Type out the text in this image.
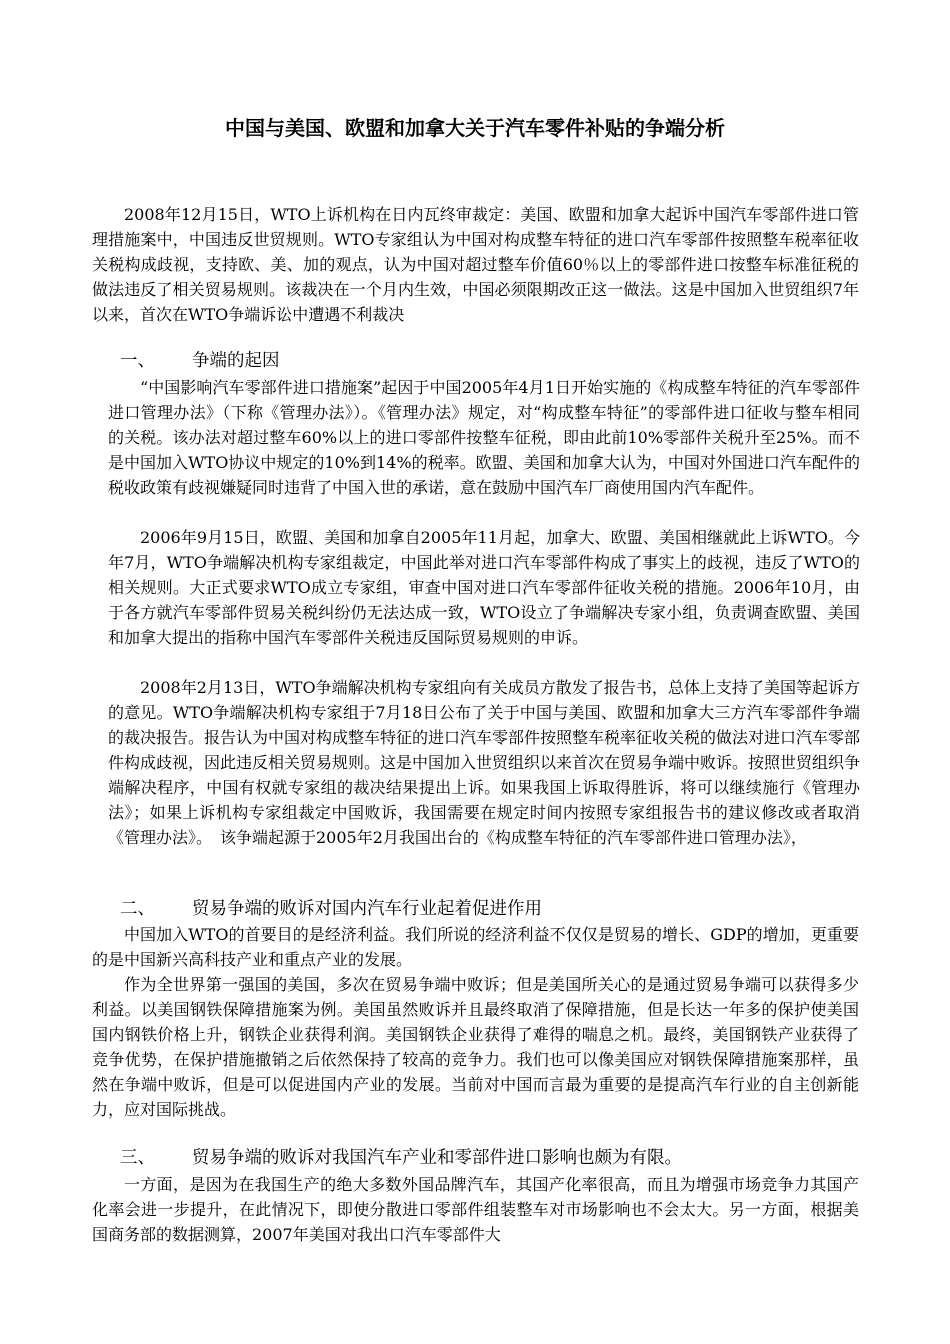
中国与美国、欧盟和加拿大关于汽车零件补贴的争端分析

2008年12月15日，WTO上诉机构在日内瓦终审裁定：美国、欧盟和加拿大起诉中国汽车零部件进口管理措施案中，中国违反世贸规则。WTO专家组认为中国对构成整车特征的进口汽车零部件按照整车税率征收关税构成歧视，支持欧、美、加的观点，认为中国对超过整车价值60％以上的零部件进口按整车标准征税的做法违反了相关贸易规则。该裁决在一个月内生效，中国必须限期改正这一做法。这是中国加入世贸组织7年以来，首次在WTO争端诉讼中遭遇不利裁决

一、 争端的起因

“中国影响汽车零部件进口措施案”起因于中国2005年4月1日开始实施的《构成整车特征的汽车零部件进口管理办法》（下称《管理办法》）。《管理办法》规定，对“构成整车特征”的零部件进口征收与整车相同的关税。该办法对超过整车60%以上的进口零部件按整车征税，即由此前10%零部件关税升至25%。而不是中国加入WTO协议中规定的10%到14%的税率。欧盟、美国和加拿大认为，中国对外国进口汽车配件的税收政策有歧视嫌疑同时违背了中国入世的承诺，意在鼓励中国汽车厂商使用国内汽车配件。

2006年9月15日，欧盟、美国和加拿自2005年11月起，加拿大、欧盟、美国相继就此上诉WTO。今年7月，WTO争端解决机构专家组裁定，中国此举对进口汽车零部件构成了事实上的歧视，违反了WTO的相关规则。大正式要求WTO成立专家组，审查中国对进口汽车零部件征收关税的措施。2006年10月，由于各方就汽车零部件贸易关税纠纷仍无法达成一致，WTO设立了争端解决专家小组，负责调查欧盟、美国和加拿大提出的指称中国汽车零部件关税违反国际贸易规则的申诉。

2008年2月13日，WTO争端解决机构专家组向有关成员方散发了报告书，总体上支持了美国等起诉方的意见。WTO争端解决机构专家组于7月18日公布了关于中国与美国、欧盟和加拿大三方汽车零部件争端的裁决报告。报告认为中国对构成整车特征的进口汽车零部件按照整车税率征收关税的做法对进口汽车零部件构成歧视，因此违反相关贸易规则。这是中国加入世贸组织以来首次在贸易争端中败诉。按照世贸组织争端解决程序，中国有权就专家组的裁决结果提出上诉。如果我国上诉取得胜诉，将可以继续施行《管理办法》；如果上诉机构专家组裁定中国败诉，我国需要在规定时间内按照专家组报告书的建议修改或者取消《管理办法》。　该争端起源于2005年2月我国出台的《构成整车特征的汽车零部件进口管理办法》，

二、 贸易争端的败诉对国内汽车行业起着促进作用

中国加入WTO的首要目的是经济利益。我们所说的经济利益不仅仅是贸易的增长、GDP的增加，更重要的是中国新兴高科技产业和重点产业的发展。

作为全世界第一强国的美国，多次在贸易争端中败诉；但是美国所关心的是通过贸易争端可以获得多少利益。以美国钢铁保障措施案为例。美国虽然败诉并且最终取消了保障措施，但是长达一年多的保护使美国国内钢铁价格上升，钢铁企业获得利润。美国钢铁企业获得了难得的喘息之机。最终，美国钢铁产业获得了竞争优势，在保护措施撤销之后依然保持了较高的竞争力。我们也可以像美国应对钢铁保障措施案那样，虽然在争端中败诉，但是可以促进国内产业的发展。当前对中国而言最为重要的是提高汽车行业的自主创新能力，应对国际挑战。

三、 贸易争端的败诉对我国汽车产业和零部件进口影响也颇为有限。

一方面，是因为在我国生产的绝大多数外国品牌汽车，其国产化率很高，而且为增强市场竞争力其国产化率会进一步提升，在此情况下，即使分散进口零部件组装整车对市场影响也不会太大。另一方面，根据美国商务部的数据测算，2007年美国对我出口汽车零部件大
